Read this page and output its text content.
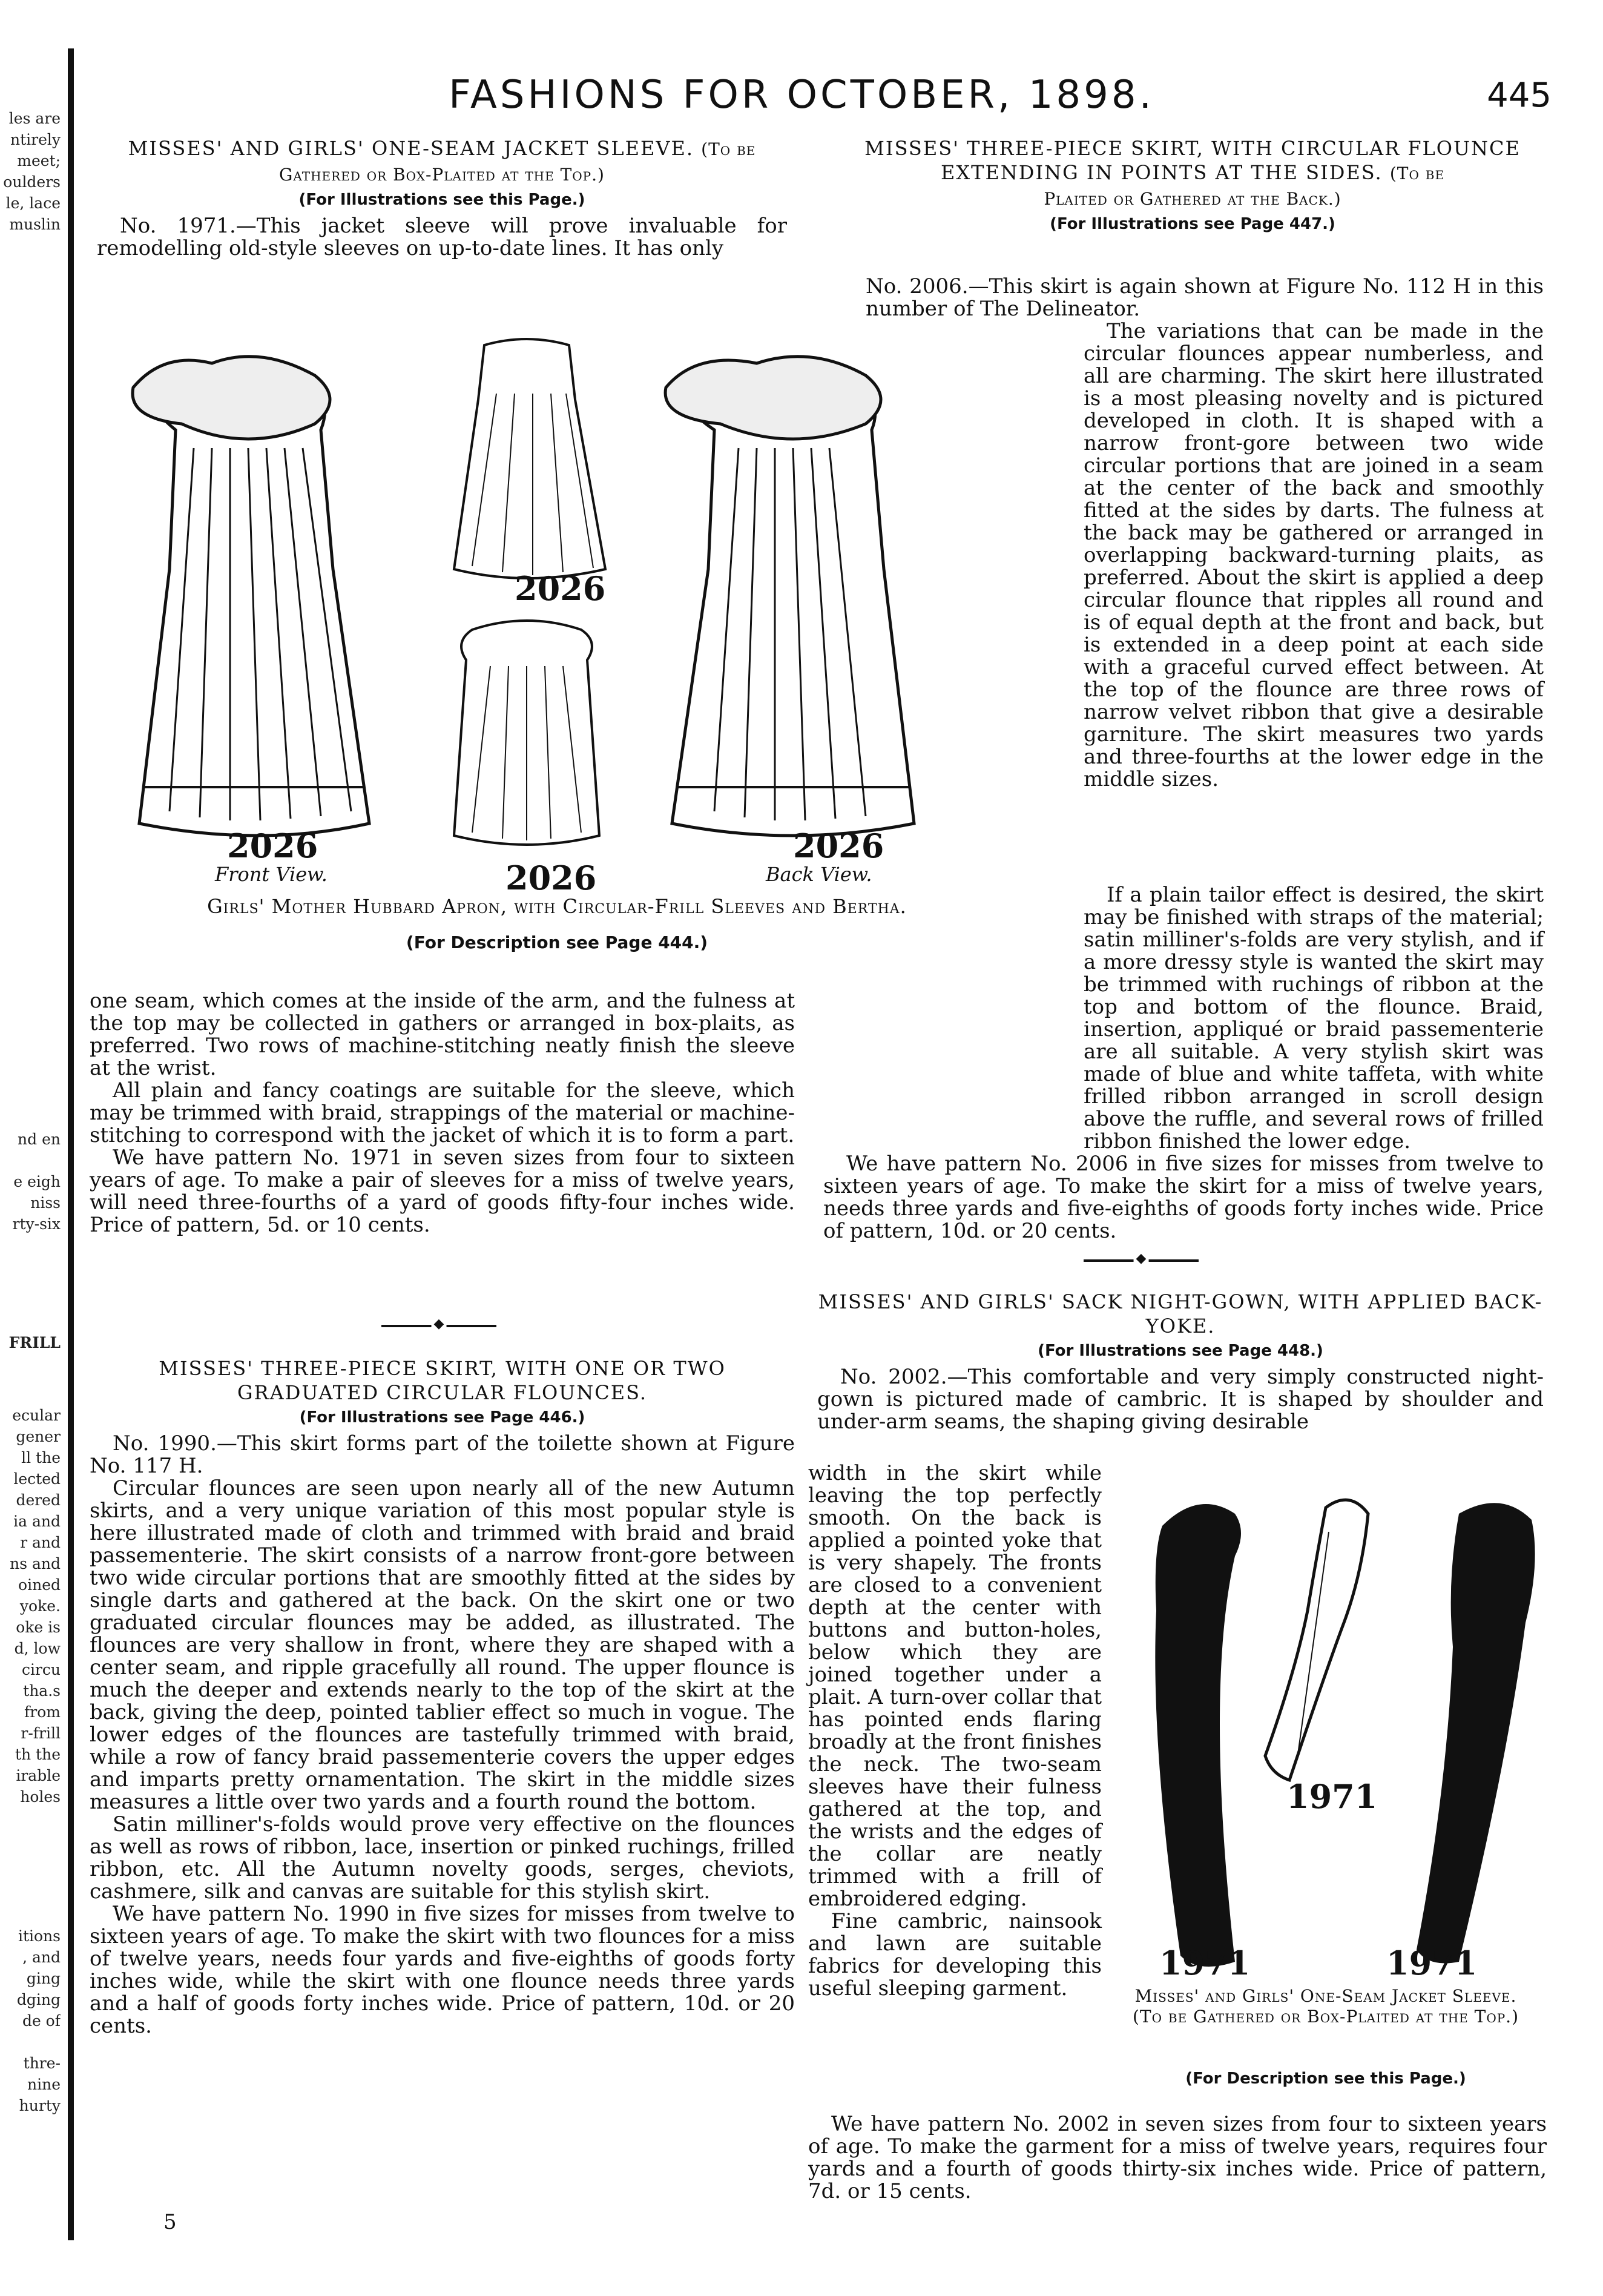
les are
ntirely
meet;
oulders
le, lace
muslin
nd en

e eigh
niss
rty-six
FRILL
ecular
gener
ll the
lected
dered
ia and
r and
ns and
oined
yoke.
oke is
d, low
circu
tha.s
from
r-frill
th the
irable
holes
itions
, and
ging
dging
de of

thre-
nine
hurty
FASHIONS FOR OCTOBER, 1898.	445

MISSES' AND GIRLS' ONE-SEAM JACKET SLEEVE. (To be

Gathered or Box-Plaited at the Top.)

(For Illustrations see this Page.)

No. 1971.—This jacket sleeve will prove invaluable for remodelling old-style sleeves on up-to-date lines. It has only

2026
Front View.
2026
2026
2026
Back View.
Girls' Mother Hubbard Apron, with Circular-Frill Sleeves and Bertha.
(For Description see Page 444.)

one seam, which comes at the inside of the arm, and the fulness at the top may be collected in gathers or arranged in box-plaits, as preferred. Two rows of machine-stitching neatly finish the sleeve at the wrist.

All plain and fancy coatings are suitable for the sleeve, which may be trimmed with braid, strappings of the material or machine-stitching to correspond with the jacket of which it is to form a part.

We have pattern No. 1971 in seven sizes from four to sixteen years of age. To make a pair of sleeves for a miss of twelve years, will need three-fourths of a yard of goods fifty-four inches wide. Price of pattern, 5d. or 10 cents.

◆

MISSES' THREE-PIECE SKIRT, WITH ONE OR TWO GRADUATED CIRCULAR FLOUNCES.

(For Illustrations see Page 446.)

No. 1990.—This skirt forms part of the toilette shown at Figure No. 117 H.

Circular flounces are seen upon nearly all of the new Autumn skirts, and a very unique variation of this most popular style is here illustrated made of cloth and trimmed with braid and braid passementerie. The skirt consists of a narrow front-gore between two wide circular portions that are smoothly fitted at the sides by single darts and gathered at the back. On the skirt one or two graduated circular flounces may be added, as illustrated. The flounces are very shallow in front, where they are shaped with a center seam, and ripple gracefully all round. The upper flounce is much the deeper and extends nearly to the top of the skirt at the back, giving the deep, pointed tablier effect so much in vogue. The lower edges of the flounces are tastefully trimmed with braid, while a row of fancy braid passementerie covers the upper edges and imparts pretty ornamentation. The skirt in the middle sizes measures a little over two yards and a fourth round the bottom.

Satin milliner's-folds would prove very effective on the flounces as well as rows of ribbon, lace, insertion or pinked ruchings, frilled ribbon, etc. All the Autumn novelty goods, serges, cheviots, cashmere, silk and canvas are suitable for this stylish skirt.

We have pattern No. 1990 in five sizes for misses from twelve to sixteen years of age. To make the skirt with two flounces for a miss of twelve years, needs four yards and five-eighths of goods forty inches wide, while the skirt with one flounce needs three yards and a half of goods forty inches wide. Price of pattern, 10d. or 20 cents.

5

MISSES' THREE-PIECE SKIRT, WITH CIRCULAR FLOUNCE EXTENDING IN POINTS AT THE SIDES. (To be

Plaited or Gathered at the Back.)

(For Illustrations see Page 447.)

No. 2006.—This skirt is again shown at Figure No. 112 H in this number of The Delineator.

The variations that can be made in the circular flounces appear numberless, and all are charming. The skirt here illustrated is a most pleasing novelty and is pictured developed in cloth. It is shaped with a narrow front-gore between two wide circular portions that are joined in a seam at the center of the back and smoothly fitted at the sides by darts. The fulness at the back may be gathered or arranged in overlapping backward-turning plaits, as preferred. About the skirt is applied a deep circular flounce that ripples all round and is of equal depth at the front and back, but is extended in a deep point at each side with a graceful curved effect between. At the top of the flounce are three rows of narrow velvet ribbon that give a desirable garniture. The skirt measures two yards and three-fourths at the lower edge in the middle sizes.

If a plain tailor effect is desired, the skirt may be finished with straps of the material; satin milliner's-folds are very stylish, and if a more dressy style is wanted the skirt may be trimmed with ruchings of ribbon at the top and bottom of the flounce. Braid, insertion, appliqué or braid passementerie are all suitable. A very stylish skirt was made of blue and white taffeta, with white frilled ribbon arranged in scroll design above the ruffle, and several rows of frilled ribbon finished the lower edge.

We have pattern No. 2006 in five sizes for misses from twelve to sixteen years of age. To make the skirt for a miss of twelve years, needs three yards and five-eighths of goods forty inches wide. Price of pattern, 10d. or 20 cents.

◆

MISSES' AND GIRLS' SACK NIGHT-GOWN, WITH APPLIED BACK-YOKE.

(For Illustrations see Page 448.)

No. 2002.—This comfortable and very simply constructed night-gown is pictured made of cambric. It is shaped by shoulder and under-arm seams, the shaping giving desirable

width in the skirt while leaving the top perfectly smooth. On the back is applied a pointed yoke that is very shapely. The fronts are closed to a convenient depth at the center with buttons and button-holes, below which they are joined together under a plait. A turn-over collar that has pointed ends flaring broadly at the front finishes the neck. The two-seam sleeves have their fulness gathered at the top, and the wrists and the edges of the collar are neatly trimmed with a frill of embroidered edging.

Fine cambric, nainsook and lawn are suitable fabrics for developing this useful sleeping garment.

We have pattern No. 2002 in seven sizes from four to sixteen years of age. To make the garment for a miss of twelve years, requires four yards and a fourth of goods thirty-six inches wide. Price of pattern, 7d. or 15 cents.

1971
1971	1971
Misses' and Girls' One-Seam Jacket Sleeve. (To be Gathered or Box-Plaited at the Top.)
(For Description see this Page.)
